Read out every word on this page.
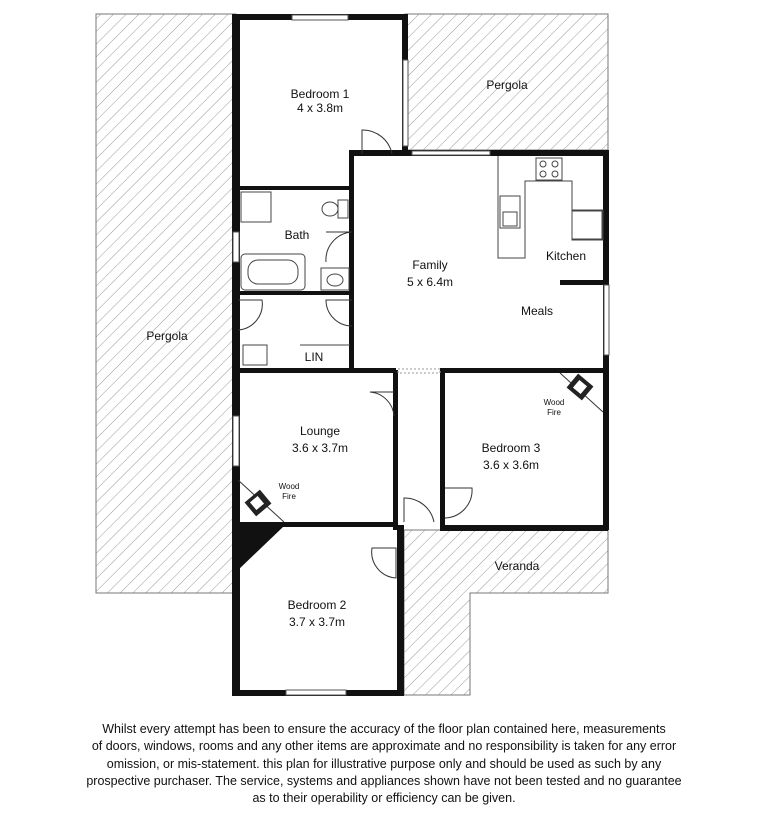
Pergola
Pergola
Veranda
Bedroom 1
4 x 3.8m
Bath
LIN
Family
5 x 6.4m
Kitchen
Meals
Lounge
3.6 x 3.7m	Bedroom 3
3.6 x 3.6m
Bedroom 2
3.7 x 3.7m
Wood
Fire
Wood
Fire
Whilst every attempt has been to ensure the accuracy of the floor plan contained here, measurements
of doors, windows, rooms and any other items are approximate and no responsibility is taken for any error
omission, or mis-statement. this plan for illustrative purpose only and should be used as such by any
prospective purchaser. The service, systems and appliances shown have not been tested and no guarantee
as to their operability or efficiency can be given.
